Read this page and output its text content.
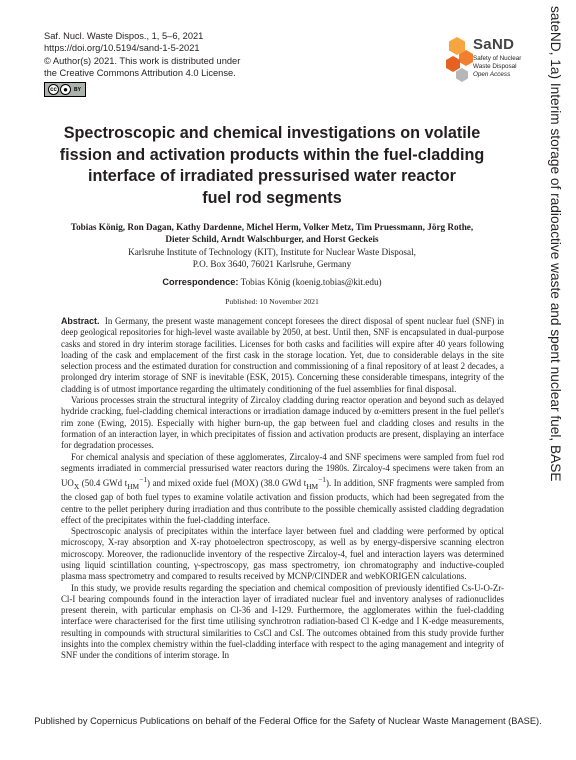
Saf. Nucl. Waste Dispos., 1, 5–6, 2021
https://doi.org/10.5194/sand-1-5-2021
© Author(s) 2021. This work is distributed under
the Creative Commons Attribution 4.0 License.
cc ●	BY
SaND
Safety of Nuclear
Waste Disposal
Open Access	sateND, 1a) Interim storage of radioactive waste and spent nuclear fuel, BASE
Spectroscopic and chemical investigations on volatile
fission and activation products within the fuel-cladding
interface of irradiated pressurised water reactor
fuel rod segments
Tobias König, Ron Dagan, Kathy Dardenne, Michel Herm, Volker Metz, Tim Pruessmann, Jörg Rothe,
Dieter Schild, Arndt Walschburger, and Horst Geckeis
Karlsruhe Institute of Technology (KIT), Institute for Nuclear Waste Disposal,
P.O. Box 3640, 76021 Karlsruhe, Germany
Correspondence: Tobias König (koenig.tobias@kit.edu)
Published: 10 November 2021

Abstract. In Germany, the present waste management concept foresees the direct disposal of spent nuclear fuel (SNF) in deep geological repositories for high-level waste available by 2050, at best. Until then, SNF is encapsulated in dual-purpose casks and stored in dry interim storage facilities. Licenses for both casks and facilities will expire after 40 years following loading of the cask and emplacement of the first cask in the storage location. Yet, due to considerable delays in the site selection process and the estimated duration for construction and commissioning of a final repository of at least 2 decades, a prolonged dry interim storage of SNF is inevitable (ESK, 2015). Concerning these considerable timespans, integrity of the cladding is of utmost importance regarding the ultimately conditioning of the fuel assemblies for final disposal.

Various processes strain the structural integrity of Zircaloy cladding during reactor operation and beyond such as delayed hydride cracking, fuel-cladding chemical interactions or irradiation damage induced by α-emitters present in the fuel pellet's rim zone (Ewing, 2015). Especially with higher burn-up, the gap between fuel and cladding closes and results in the formation of an interaction layer, in which precipitates of fission and activation products are present, displaying an interface for degradation processes.

For chemical analysis and speciation of these agglomerates, Zircaloy-4 and SNF specimens were sampled from fuel rod segments irradiated in commercial pressurised water reactors during the 1980s. Zircaloy-4 specimens were taken from an $UO_X$ (50.4 GWd $t_{HM}^{-1}$) and mixed oxide fuel (MOX) (38.0 GWd $t_{HM}^{-1}$). In addition, SNF fragments were sampled from the closed gap of both fuel types to examine volatile activation and fission products, which had been segregated from the centre to the pellet periphery during irradiation and thus contribute to the possible chemically assisted cladding degradation effect of the precipitates within the fuel-cladding interface.

Spectroscopic analysis of precipitates within the interface layer between fuel and cladding were performed by optical microscopy, X-ray absorption and X-ray photoelectron spectroscopy, as well as by energy-dispersive scanning electron microscopy. Moreover, the radionuclide inventory of the respective Zircaloy-4, fuel and interaction layers was determined using liquid scintillation counting, γ-spectroscopy, gas mass spectrometry, ion chromatography and inductive-coupled plasma mass spectrometry and compared to results received by MCNP/CINDER and webKORIGEN calculations.

In this study, we provide results regarding the speciation and chemical composition of previously identified Cs-U-O-Zr-Cl-I bearing compounds found in the interaction layer of irradiated nuclear fuel and inventory analyses of radionuclides present therein, with particular emphasis on Cl-36 and I-129. Furthermore, the agglomerates within the fuel-cladding interface were characterised for the first time utilising synchrotron radiation-based Cl K-edge and I K-edge measurements, resulting in compounds with structural similarities to CsCl and CsI. The outcomes obtained from this study provide further insights into the complex chemistry within the fuel-cladding interface with respect to the aging management and integrity of SNF under the conditions of interim storage. In

Published by Copernicus Publications on behalf of the Federal Office for the Safety of Nuclear Waste Management (BASE).
